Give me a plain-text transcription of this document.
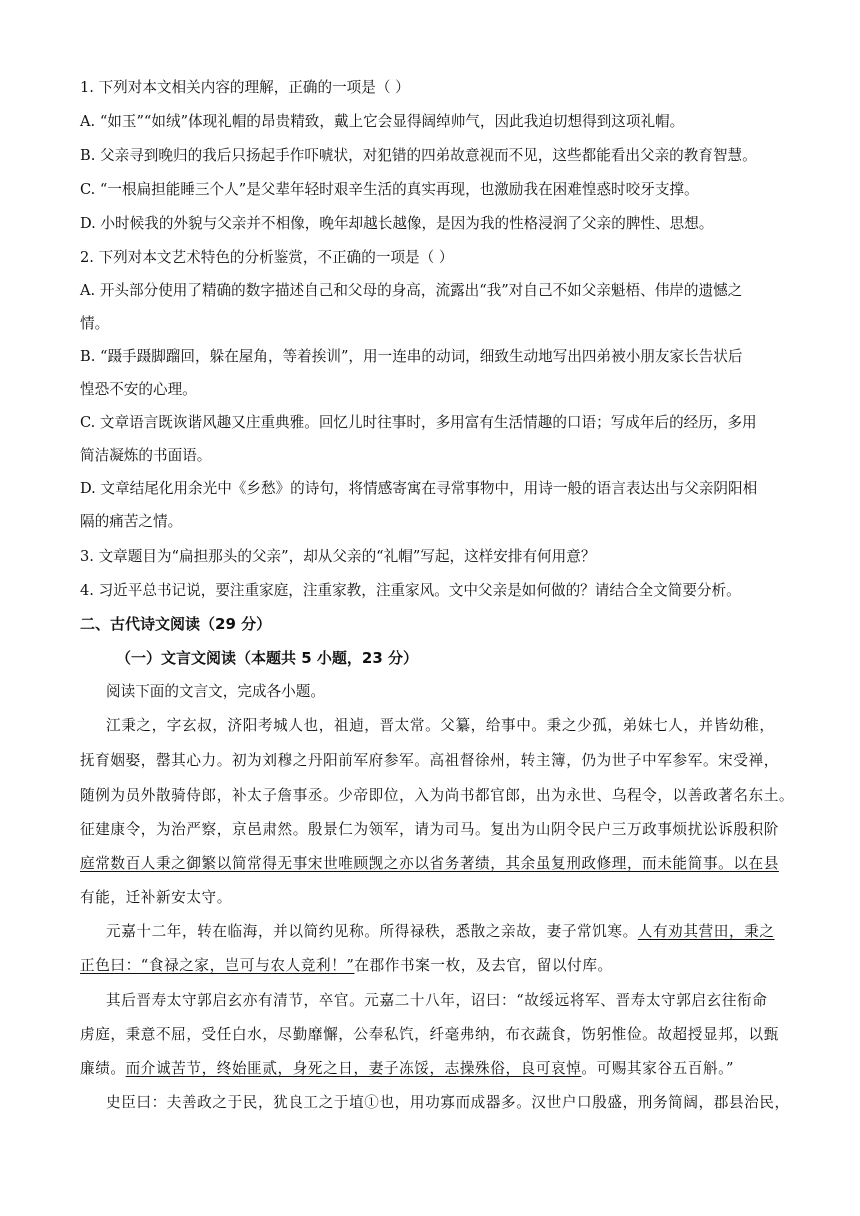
1. 下列对本文相关内容的理解，正确的一项是（ ）
A. “如玉”“如绒”体现礼帽的昂贵精致，戴上它会显得阔绰帅气，因此我迫切想得到这项礼帽。
B. 父亲寻到晚归的我后只扬起手作吓唬状，对犯错的四弟故意视而不见，这些都能看出父亲的教育智慧。
C. “一根扁担能睡三个人”是父辈年轻时艰辛生活的真实再现，也激励我在困难惶惑时咬牙支撑。
D. 小时候我的外貌与父亲并不相像，晚年却越长越像，是因为我的性格浸润了父亲的脾性、思想。
2. 下列对本文艺术特色的分析鉴赏，不正确的一项是（ ）
A. 开头部分使用了精确的数字描述自己和父母的身高，流露出“我”对自己不如父亲魁梧、伟岸的遗憾之
情。
B. “蹑手蹑脚蹓回，躲在屋角，等着挨训”，用一连串的动词，细致生动地写出四弟被小朋友家长告状后
惶恐不安的心理。
C. 文章语言既诙谐风趣又庄重典雅。回忆儿时往事时，多用富有生活情趣的口语；写成年后的经历，多用
简洁凝炼的书面语。
D. 文章结尾化用余光中《乡愁》的诗句，将情感寄寓在寻常事物中，用诗一般的语言表达出与父亲阴阳相
隔的痛苦之情。
3. 文章题目为“扁担那头的父亲”，却从父亲的“礼帽”写起，这样安排有何用意？
4. 习近平总书记说，要注重家庭，注重家教，注重家风。文中父亲是如何做的？请结合全文简要分析。
二、古代诗文阅读（29 分）
（一）文言文阅读（本题共 5 小题，23 分）
阅读下面的文言文，完成各小题。
江秉之，字玄叔，济阳考城人也，祖逌，晋太常。父纂，给事中。秉之少孤，弟妹七人，并皆幼稚，
抚育姻娶，罄其心力。初为刘穆之丹阳前军府参军。高祖督徐州，转主簿，仍为世子中军参军。宋受禅，
随例为员外散骑侍郎，补太子詹事丞。少帝即位，入为尚书都官郎，出为永世、乌程令，以善政著名东土。
征建康令，为治严察，京邑肃然。殷景仁为领军，请为司马。复出为山阴令民户三万政事烦扰讼诉殷积阶
庭常数百人秉之御繁以简常得无事宋世唯顾觊之亦以省务著绩，其余虽复刑政修理，而未能简事。以在县
有能，迁补新安太守。
元嘉十二年，转在临海，并以简约见称。所得禄秩，悉散之亲故，妻子常饥寒。人有劝其营田，秉之
正色曰：“食禄之家，岂可与农人竞利！”在郡作书案一枚，及去官，留以付库。
其后晋寿太守郭启玄亦有清节，卒官。元嘉二十八年，诏曰：“故绥远将军、晋寿太守郭启玄往衔命
虏庭，秉意不屈，受任白水，尽勤靡懈，公奉私饩，纤毫弗纳，布衣蔬食，饬躬惟俭。故超授显邦，以甄
廉绩。而介诚苦节，终始匪贰，身死之日，妻子冻馁，志操殊俗，良可哀悼。可赐其家谷五百斛。”
史臣曰：夫善政之于民，犹良工之于埴①也，用功寡而成器多。汉世户口殷盛，刑务简阔，郡县治民，
